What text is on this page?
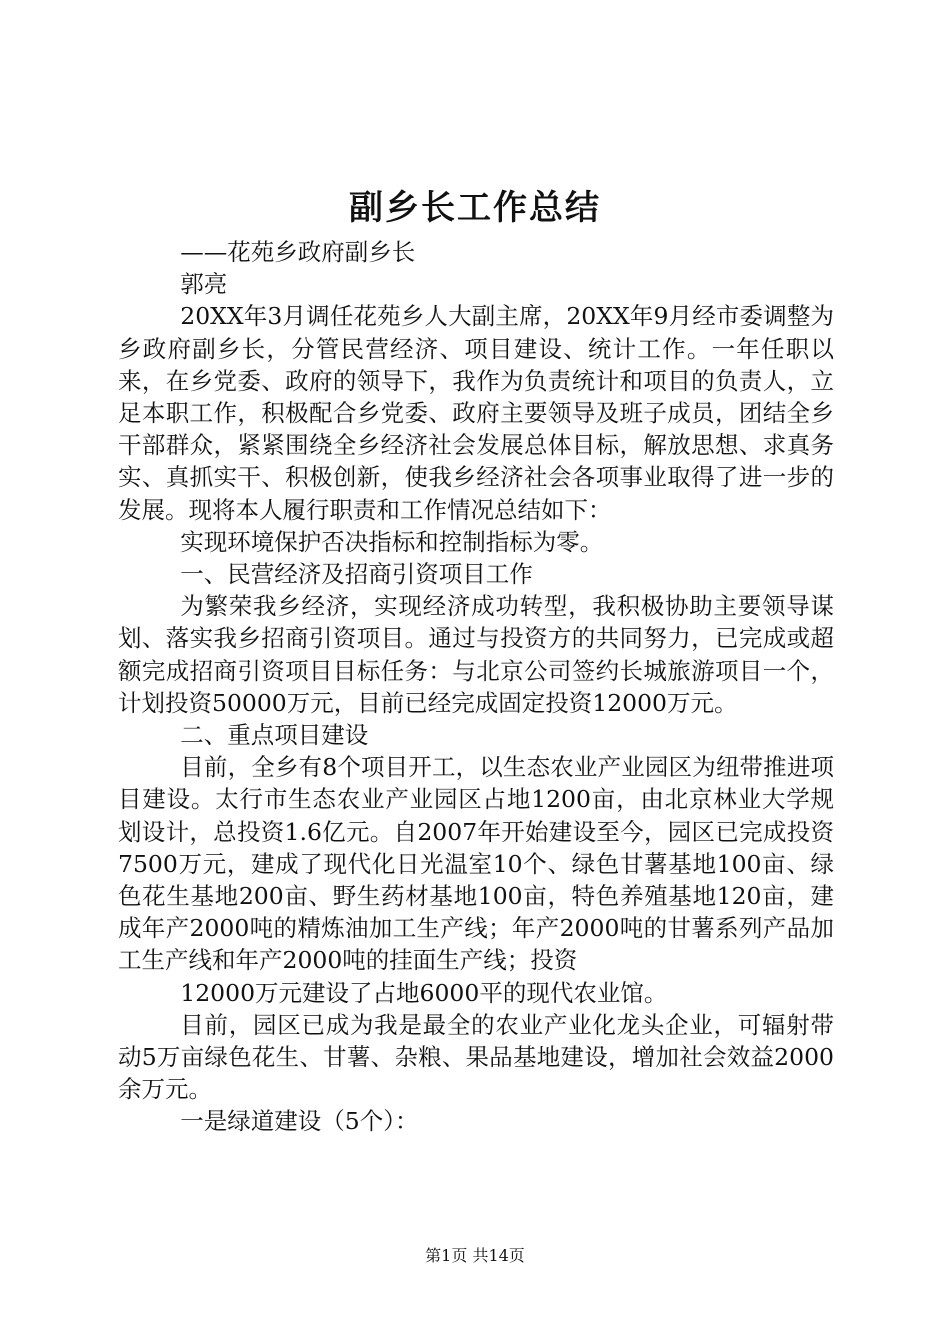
副乡长工作总结

——花苑乡政府副乡长

郭亮

20XX年3月调任花苑乡人大副主席，20XX年9月经市委调整为乡政府副乡长，分管民营经济、项目建设、统计工作。一年任职以来，在乡党委、政府的领导下，我作为负责统计和项目的负责人，立足本职工作，积极配合乡党委、政府主要领导及班子成员，团结全乡干部群众，紧紧围绕全乡经济社会发展总体目标，解放思想、求真务实、真抓实干、积极创新，使我乡经济社会各项事业取得了进一步的发展。现将本人履行职责和工作情况总结如下：

实现环境保护否决指标和控制指标为零。

一、民营经济及招商引资项目工作

为繁荣我乡经济，实现经济成功转型，我积极协助主要领导谋划、落实我乡招商引资项目。通过与投资方的共同努力，已完成或超额完成招商引资项目目标任务：与北京公司签约长城旅游项目一个，计划投资50000万元，目前已经完成固定投资12000万元。

二、重点项目建设

目前，全乡有8个项目开工，以生态农业产业园区为纽带推进项目建设。太行市生态农业产业园区占地1200亩，由北京林业大学规划设计，总投资1.6亿元。自2007年开始建设至今，园区已完成投资7500万元，建成了现代化日光温室10个、绿色甘薯基地100亩、绿色花生基地200亩、野生药材基地100亩，特色养殖基地120亩，建成年产2000吨的精炼油加工生产线；年产2000吨的甘薯系列产品加工生产线和年产2000吨的挂面生产线；投资

12000万元建设了占地6000平的现代农业馆。

目前，园区已成为我是最全的农业产业化龙头企业，可辐射带动5万亩绿色花生、甘薯、杂粮、果品基地建设，增加社会效益2000余万元。

一是绿道建设（5个）：

第1页 共14页
